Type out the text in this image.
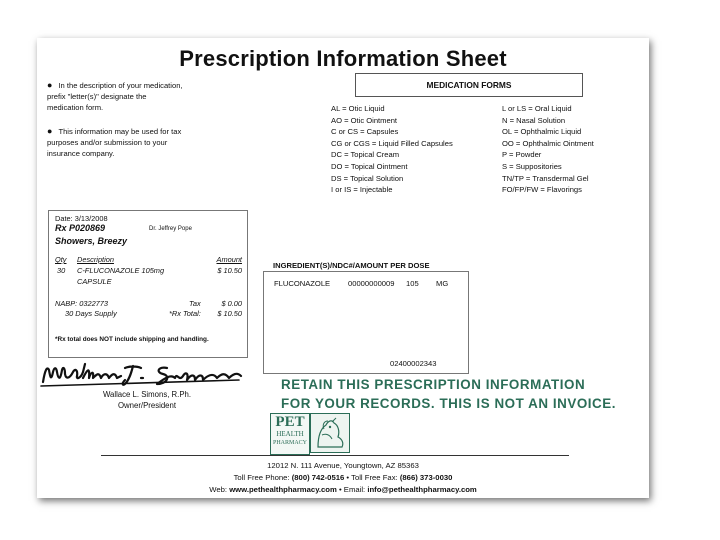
Prescription Information Sheet
● In the description of your medication,
prefix "letter(s)" designate the
medication form.
● This information may be used for tax
purposes and/or submission to your
insurance company.
MEDICATION FORMS
AL = Otic Liquid
AO = Otic Ointment
C or CS = Capsules
CG or CGS = Liquid Filled Capsules
DC = Topical Cream
DO = Topical Ointment
DS = Topical Solution
I or IS = Injectable
L or LS = Oral Liquid
N = Nasal Solution
OL = Ophthalmic Liquid
OO = Ophthalmic Ointment
P = Powder
S = Suppositories
TN/TP = Transdermal Gel
FO/FP/FW = Flavorings
Date: 3/13/2008
Rx P020869	Dr. Jeffrey Pope
Showers, Breezy
Qty Description	Amount
30 C-FLUCONAZOLE 105mg	$ 10.50
CAPSULE
NABP: 0322773	Tax	$ 0.00
30 Days Supply	*Rx Total: $ 10.50
*Rx total does NOT include shipping and handling.
Wallace L. Simons, R.Ph.
Owner/President
INGREDIENT(S)/NDC#/AMOUNT PER DOSE
FLUCONAZOLE 00000000009 105 MG
02400002343
RETAIN THIS PRESCRIPTION INFORMATION
FOR YOUR RECORDS. THIS IS NOT AN INVOICE.
PET
HEALTH
PHARMACY
12012 N. 111 Avenue, Youngtown, AZ 85363
Toll Free Phone: (800) 742-0516 • Toll Free Fax: (866) 373-0030
Web: www.pethealthpharmacy.com • Email: info@pethealthpharmacy.com
